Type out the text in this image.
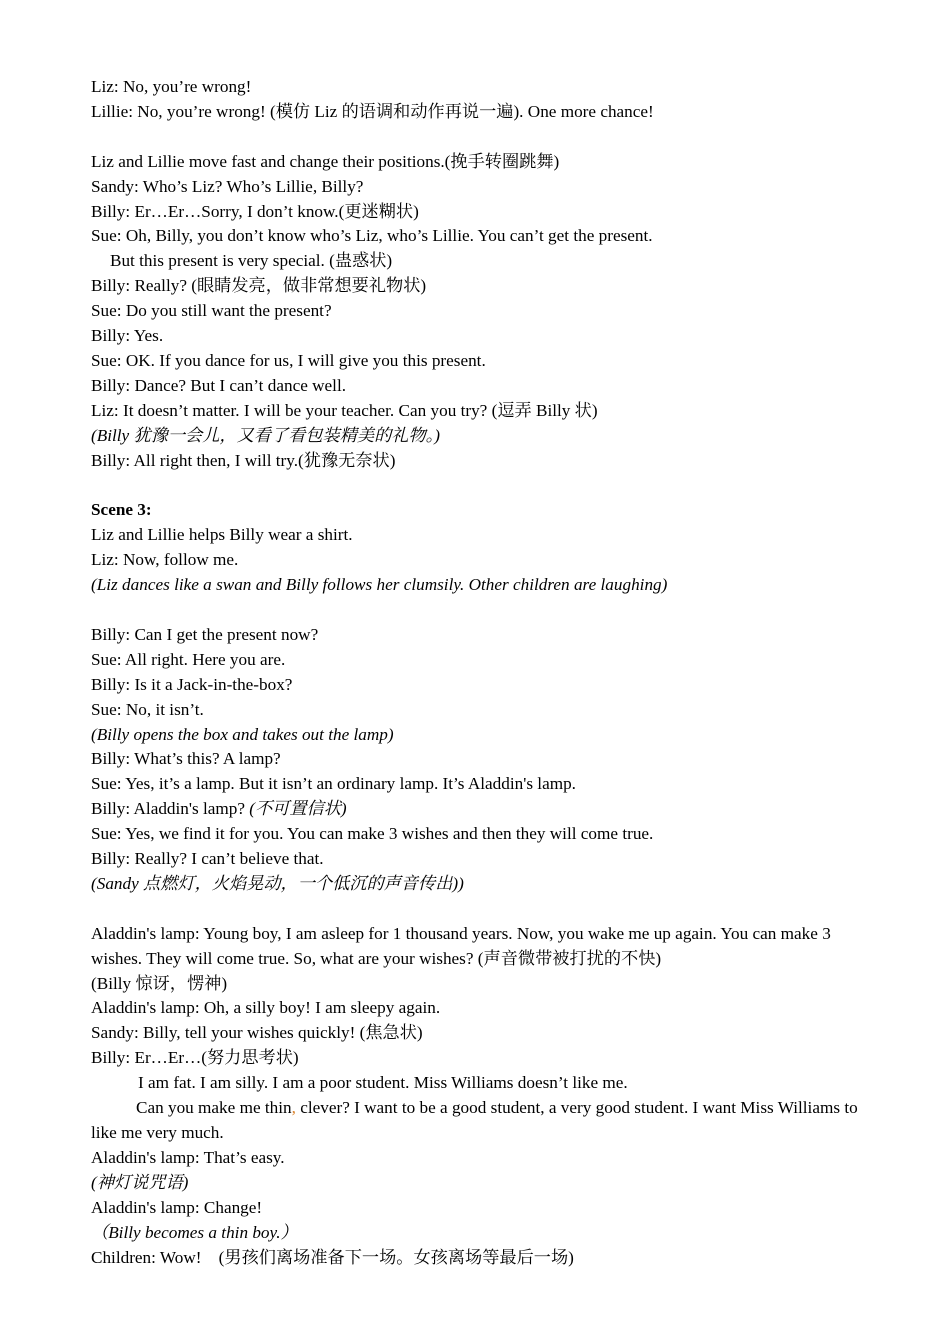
Liz: No, you’re wrong!
Lillie: No, you’re wrong! (模仿 Liz 的语调和动作再说一遍). One more chance!
Liz and Lillie move fast and change their positions.(挽手转圈跳舞)
Sandy: Who’s Liz? Who’s Lillie, Billy?
Billy: Er…Er…Sorry, I don’t know.(更迷糊状)
Sue: Oh, Billy, you don’t know who’s Liz, who’s Lillie. You can’t get the present.
But this present is very special. (蛊惑状)
Billy: Really? (眼睛发亮，做非常想要礼物状)
Sue: Do you still want the present?
Billy: Yes.
Sue: OK. If you dance for us, I will give you this present.
Billy: Dance? But I can’t dance well.
Liz: It doesn’t matter. I will be your teacher. Can you try? (逗弄 Billy 状)
(Billy 犹豫一会儿，又看了看包装精美的礼物。)
Billy: All right then, I will try.(犹豫无奈状)
Scene 3:
Liz and Lillie helps Billy wear a shirt.
Liz: Now, follow me.
(Liz dances like a swan and Billy follows her clumsily. Other children are laughing)
Billy: Can I get the present now?
Sue: All right. Here you are.
Billy: Is it a Jack-in-the-box?
Sue: No, it isn’t.
(Billy opens the box and takes out the lamp)
Billy: What’s this? A lamp?
Sue: Yes, it’s a lamp. But it isn’t an ordinary lamp. It’s Aladdin's lamp.
Billy: Aladdin's lamp? (不可置信状)
Sue: Yes, we find it for you. You can make 3 wishes and then they will come true.
Billy: Really? I can’t believe that.
(Sandy 点燃灯，火焰晃动，一个低沉的声音传出))
Aladdin's lamp: Young boy, I am asleep for 1 thousand years. Now, you wake me up again. You can make 3 wishes. They will come true. So, what are your wishes? (声音微带被打扰的不快)
(Billy 惊讶，愣神)
Aladdin's lamp: Oh, a silly boy! I am sleepy again.
Sandy: Billy, tell your wishes quickly! (焦急状)
Billy: Er…Er…(努力思考状)
I am fat. I am silly. I am a poor student. Miss Williams doesn’t like me.
Can you make me thin, clever? I want to be a good student, a very good student. I want Miss Williams to like me very much.
Aladdin's lamp: That’s easy.
(神灯说咒语)
Aladdin's lamp: Change!
（Billy becomes a thin boy.）
Children: Wow!    (男孩们离场准备下一场。女孩离场等最后一场)
